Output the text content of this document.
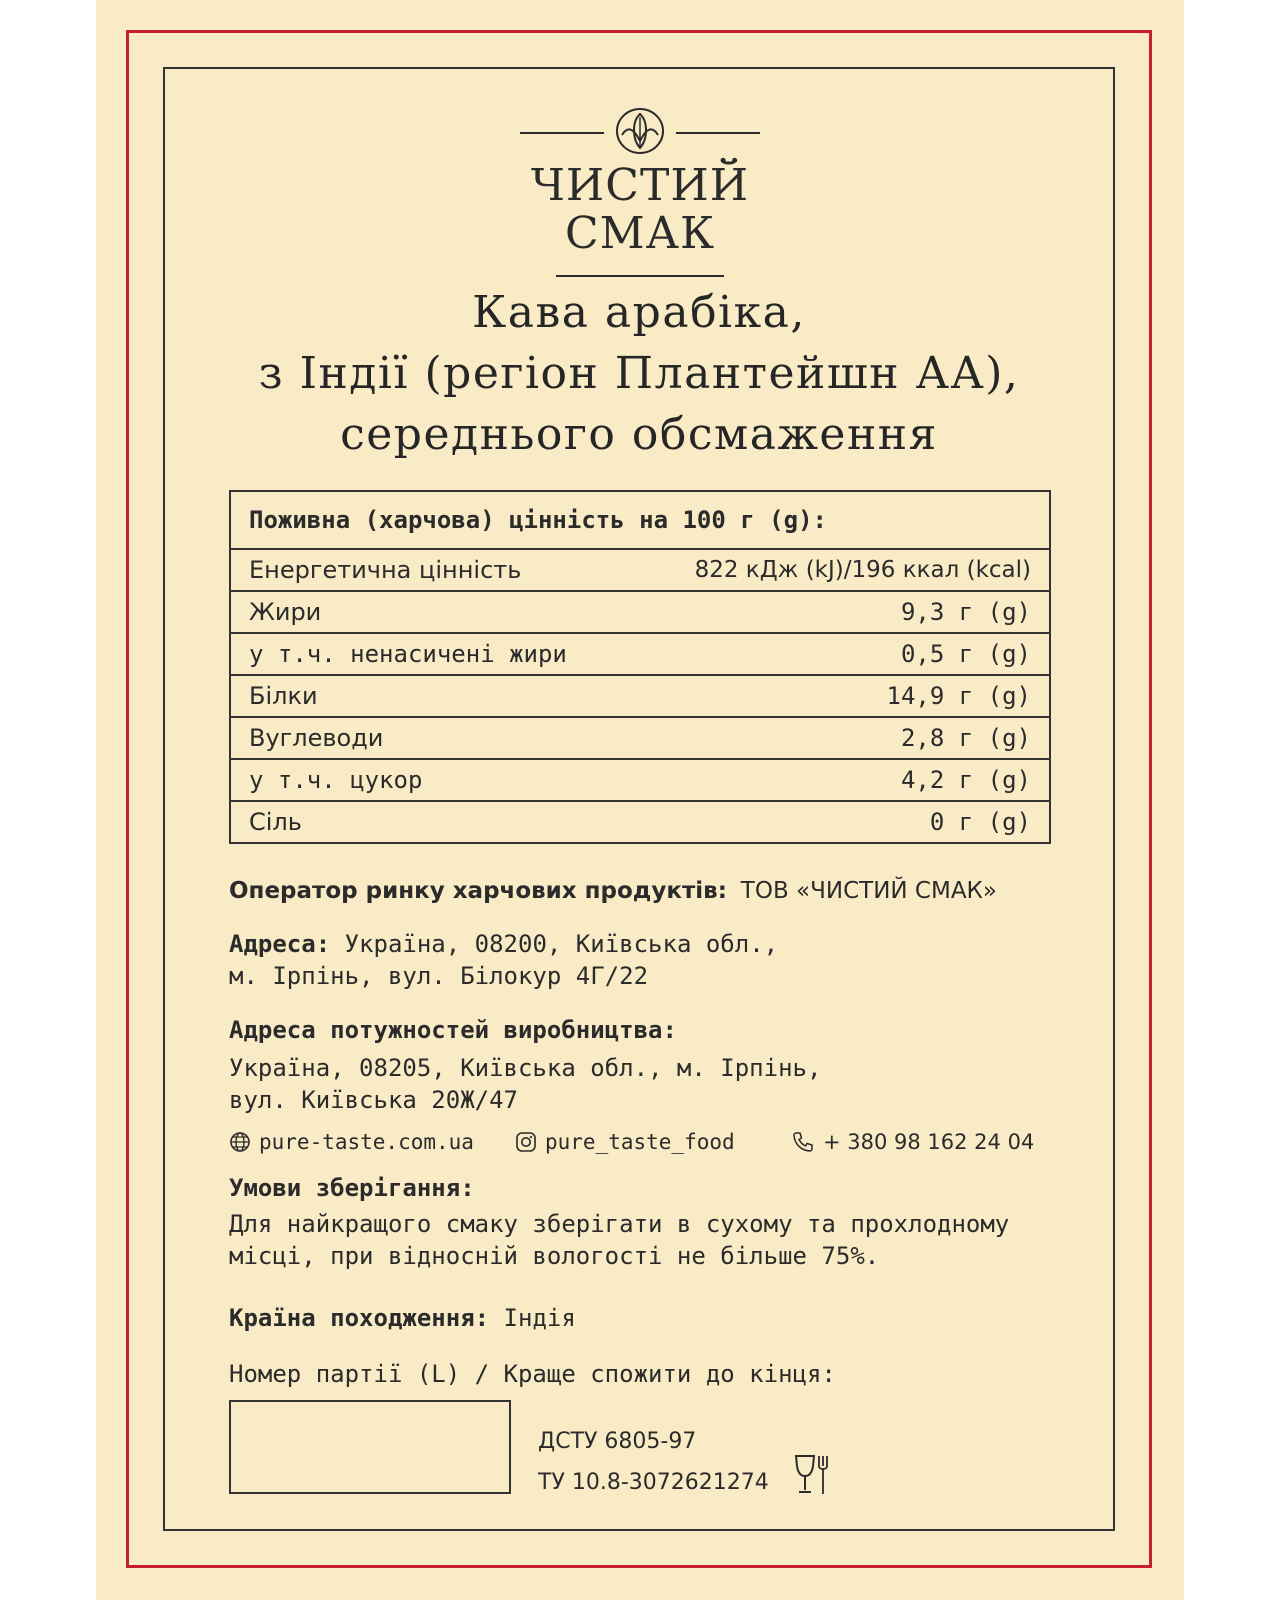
ЧИСТИЙ
СМАК
Кава арабіка,
з Індії (регіон Плантейшн АА),
середнього обсмаження
Поживна (харчова) цінність на 100 г (g):
Енергетична цінність	822 кДж (kJ)/196 ккал (kcal)
Жири	9,3 г (g)
у т.ч. ненасичені жири	0,5 г (g)
Білки	14,9 г (g)
Вуглеводи	2,8 г (g)
у т.ч. цукор	4,2 г (g)
Сіль	0 г (g)
Оператор ринку харчових продуктів: ТОВ «ЧИСТИЙ СМАК»
Адреса: Україна, 08200, Київська обл.,
м. Ірпінь, вул. Білокур 4Г/22
Адреса потужностей виробництва:
Україна, 08205, Київська обл., м. Ірпінь,
вул. Київська 20Ж/47
pure-taste.com.ua	pure_taste_food	+ 380 98 162 24 04
Умови зберігання:
Для найкращого смаку зберігати в сухому та прохлодному
місці, при відносній вологості не більше 75%.
Країна походження: Індія
Номер партії (L) / Краще спожити до кінця:
ДСТУ 6805-97
ТУ 10.8-3072621274
